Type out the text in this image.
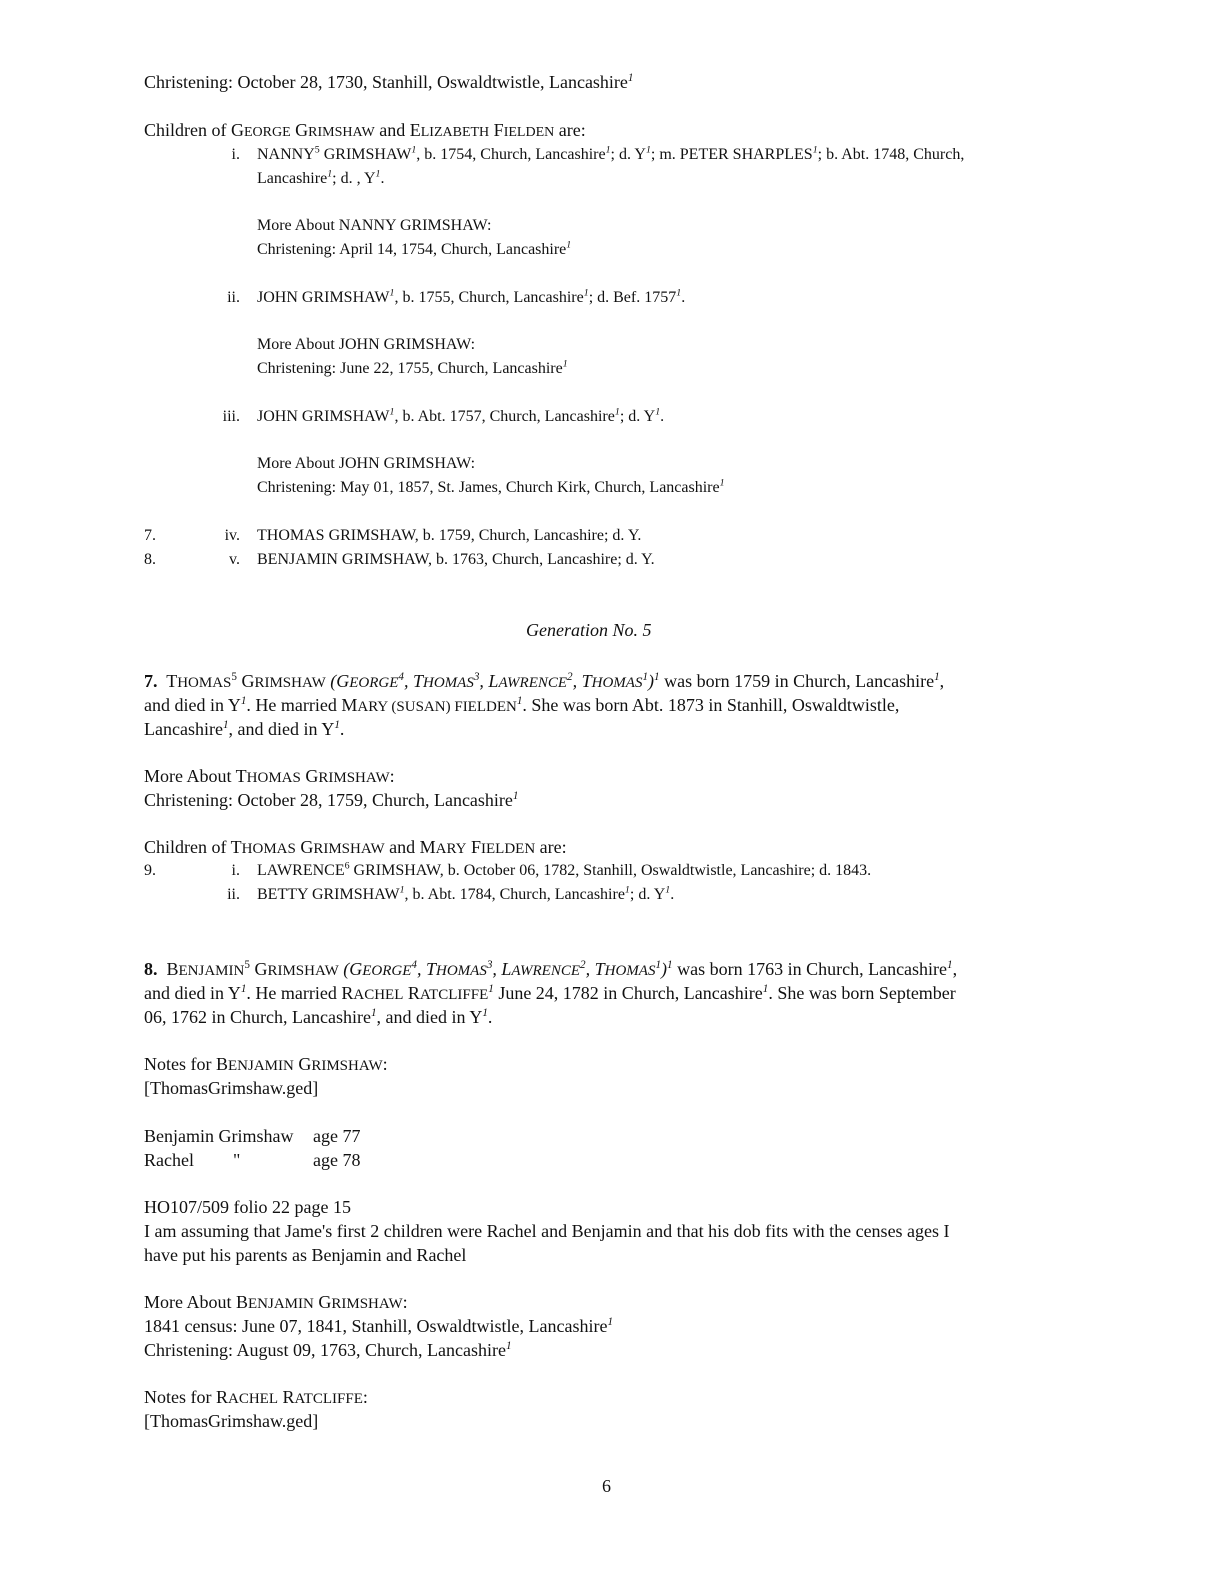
Christening: October 28, 1730, Stanhill, Oswaldtwistle, Lancashire$^1$
Children of GEORGE GRIMSHAW and ELIZABETH FIELDEN are:
i. NANNY$^5$ GRIMSHAW$^1$, b. 1754, Church, Lancashire$^1$; d. $Y^1$; m. PETER SHARPLES$^1$; b. Abt. 1748, Church,
Lancashire$^1$; d. , $Y^1$.
More About NANNY GRIMSHAW:
Christening: April 14, 1754, Church, Lancashire$^1$
ii. JOHN GRIMSHAW$^1$, b. 1755, Church, Lancashire$^1$; d. Bef. 1757$^1$.
More About JOHN GRIMSHAW:
Christening: June 22, 1755, Church, Lancashire$^1$
iii. JOHN GRIMSHAW$^1$, b. Abt. 1757, Church, Lancashire$^1$; d. $Y^1$.
More About JOHN GRIMSHAW:
Christening: May 01, 1857, St. James, Church Kirk, Church, Lancashire$^1$
7.	iv. THOMAS GRIMSHAW, b. 1759, Church, Lancashire; d. Y.
8.	v. BENJAMIN GRIMSHAW, b. 1763, Church, Lancashire; d. Y.
Generation No. 5
7. THOMAS$^5$ GRIMSHAW (GEORGE$^4$, THOMAS$^3$, LAWRENCE$^2$, THOMAS$^1$)$^1$ was born 1759 in Church, Lancashire$^1$,
and died in $Y^1$. He married MARY (SUSAN) FIELDEN$^1$. She was born Abt. 1873 in Stanhill, Oswaldtwistle,
Lancashire$^1$, and died in $Y^1$.
More About THOMAS GRIMSHAW:
Christening: October 28, 1759, Church, Lancashire$^1$
Children of THOMAS GRIMSHAW and MARY FIELDEN are:
9.	i. LAWRENCE$^6$ GRIMSHAW, b. October 06, 1782, Stanhill, Oswaldtwistle, Lancashire; d. 1843.
ii. BETTY GRIMSHAW$^1$, b. Abt. 1784, Church, Lancashire$^1$; d. $Y^1$.
8. BENJAMIN$^5$ GRIMSHAW (GEORGE$^4$, THOMAS$^3$, LAWRENCE$^2$, THOMAS$^1$)$^1$ was born 1763 in Church, Lancashire$^1$,
and died in $Y^1$. He married RACHEL RATCLIFFE$^1$ June 24, 1782 in Church, Lancashire$^1$. She was born September
06, 1762 in Church, Lancashire$^1$, and died in $Y^1$.
Notes for BENJAMIN GRIMSHAW:
[ThomasGrimshaw.ged]
Benjamin Grimshaw age 77
Rachel "	age 78
HO107/509 folio 22 page 15
I am assuming that Jame's first 2 children were Rachel and Benjamin and that his dob fits with the censes ages I
have put his parents as Benjamin and Rachel
More About BENJAMIN GRIMSHAW:
1841 census: June 07, 1841, Stanhill, Oswaldtwistle, Lancashire$^1$
Christening: August 09, 1763, Church, Lancashire$^1$
Notes for RACHEL RATCLIFFE:
[ThomasGrimshaw.ged]
6
